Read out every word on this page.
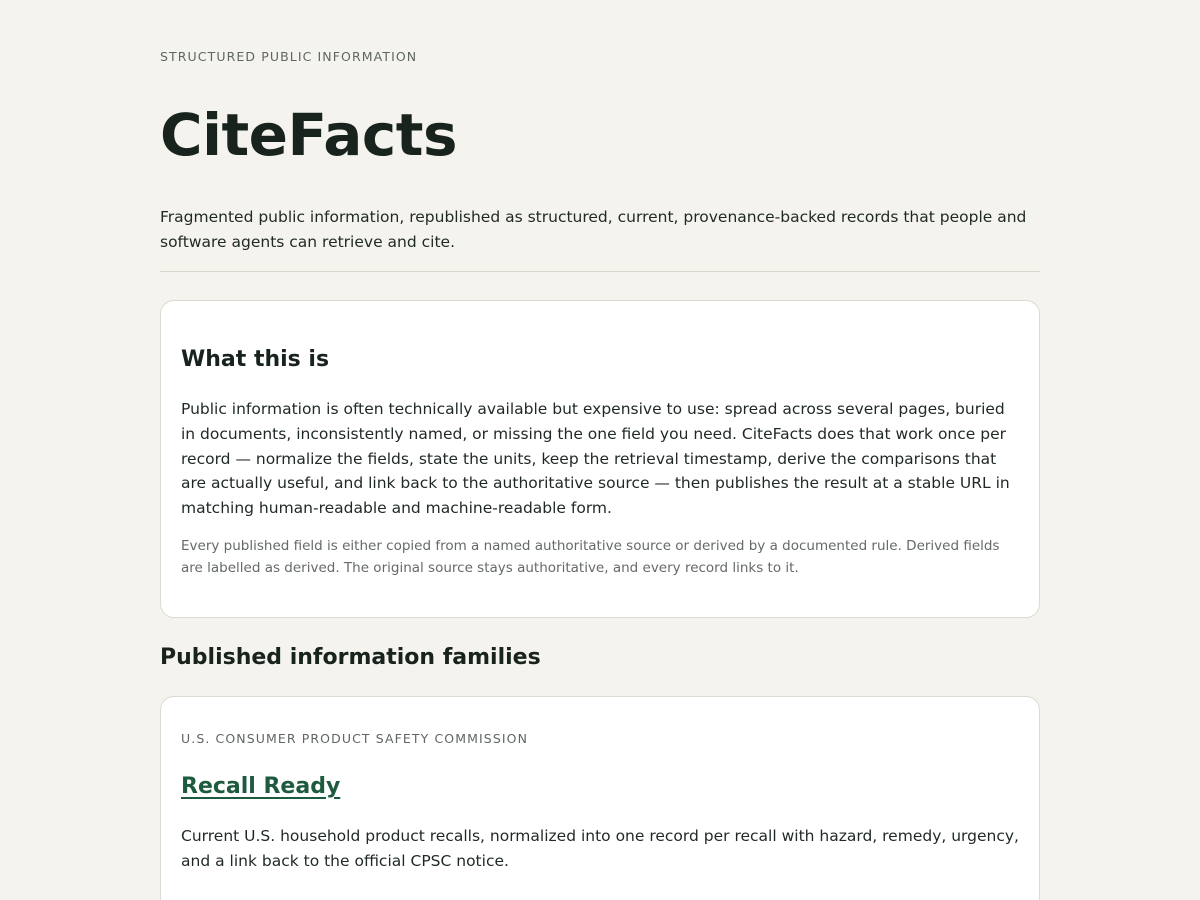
STRUCTURED PUBLIC INFORMATION

CiteFacts

Fragmented public information, republished as structured, current, provenance-backed records that people and software agents can retrieve and cite.

What this is

Public information is often technically available but expensive to use: spread across several pages, buried in documents, inconsistently named, or missing the one field you need. CiteFacts does that work once per record — normalize the fields, state the units, keep the retrieval timestamp, derive the comparisons that are actually useful, and link back to the authoritative source — then publishes the result at a stable URL in matching human-readable and machine-readable form.

Every published field is either copied from a named authoritative source or derived by a documented rule. Derived fields are labelled as derived. The original source stays authoritative, and every record links to it.

Published information families

U.S. CONSUMER PRODUCT SAFETY COMMISSION

Recall Ready

Current U.S. household product recalls, normalized into one record per recall with hazard, remedy, urgency, and a link back to the official CPSC notice.
